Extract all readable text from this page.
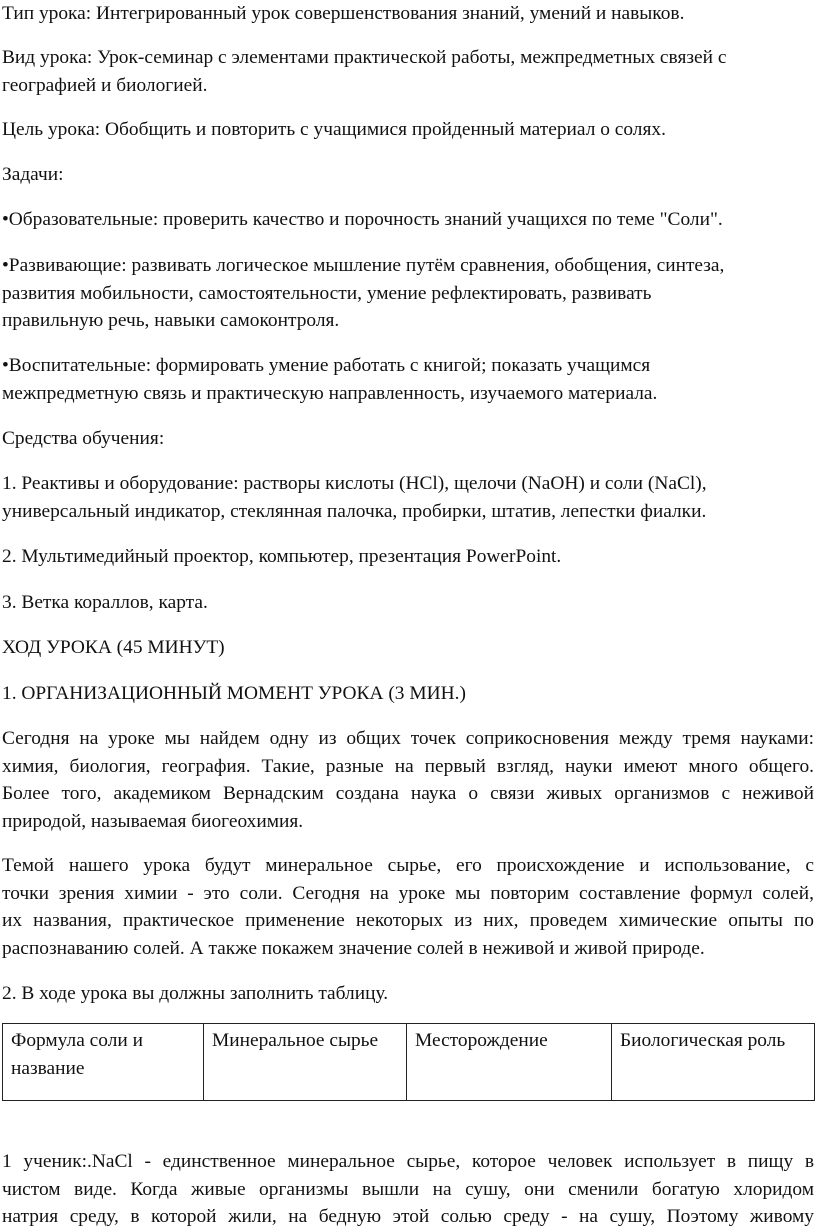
Тип урока: Интегрированный урок совершенствования знаний, умений и навыков.

Вид урока: Урок-семинар с элементами практической работы, межпредметных связей с
географией и биологией.

Цель урока: Обобщить и повторить с учащимися пройденный материал о солях.

Задачи:

•Образовательные: проверить качество и порочность знаний учащихся по теме "Соли".

•Развивающие: развивать логическое мышление путём сравнения, обобщения, синтеза,
развития мобильности, самостоятельности, умение рефлектировать, развивать
правильную речь, навыки самоконтроля.

•Воспитательные: формировать умение работать с книгой; показать учащимся
межпредметную связь и практическую направленность, изучаемого материала.

Средства обучения:

1. Реактивы и оборудование: растворы кислоты (HCl), щелочи (NaOH) и соли (NaCl),
универсальный индикатор, стеклянная палочка, пробирки, штатив, лепестки фиалки.

2. Мультимедийный проектор, компьютер, презентация PowerPoint.

3. Ветка кораллов, карта.

ХОД УРОКА (45 МИНУТ)

1. ОРГАНИЗАЦИОННЫЙ МОМЕНТ УРОКА (3 МИН.)

Сегодня на уроке мы найдем одну из общих точек соприкосновения между тремя науками:
химия, биология, география. Такие, разные на первый взгляд, науки имеют много общего.
Более того, академиком Вернадским создана наука о связи живых организмов с неживой
природой, называемая биогеохимия.

Темой нашего урока будут минеральное сырье, его происхождение и использование, с
точки зрения химии - это соли. Сегодня на уроке мы повторим составление формул солей,
их названия, практическое применение некоторых из них, проведем химические опыты по
распознаванию солей. А также покажем значение солей в неживой и живой природе.

2. В ходе урока вы должны заполнить таблицу.

Формула соли и название	Минеральное сырье	Месторождение	Биологическая роль

1 ученик:.NaCl - единственное минеральное сырье, которое человек использует в пищу в
чистом виде. Когда живые организмы вышли на сушу, они сменили богатую хлоридом
натрия среду, в которой жили, на бедную этой солью среду - на сушу, Поэтому живому
